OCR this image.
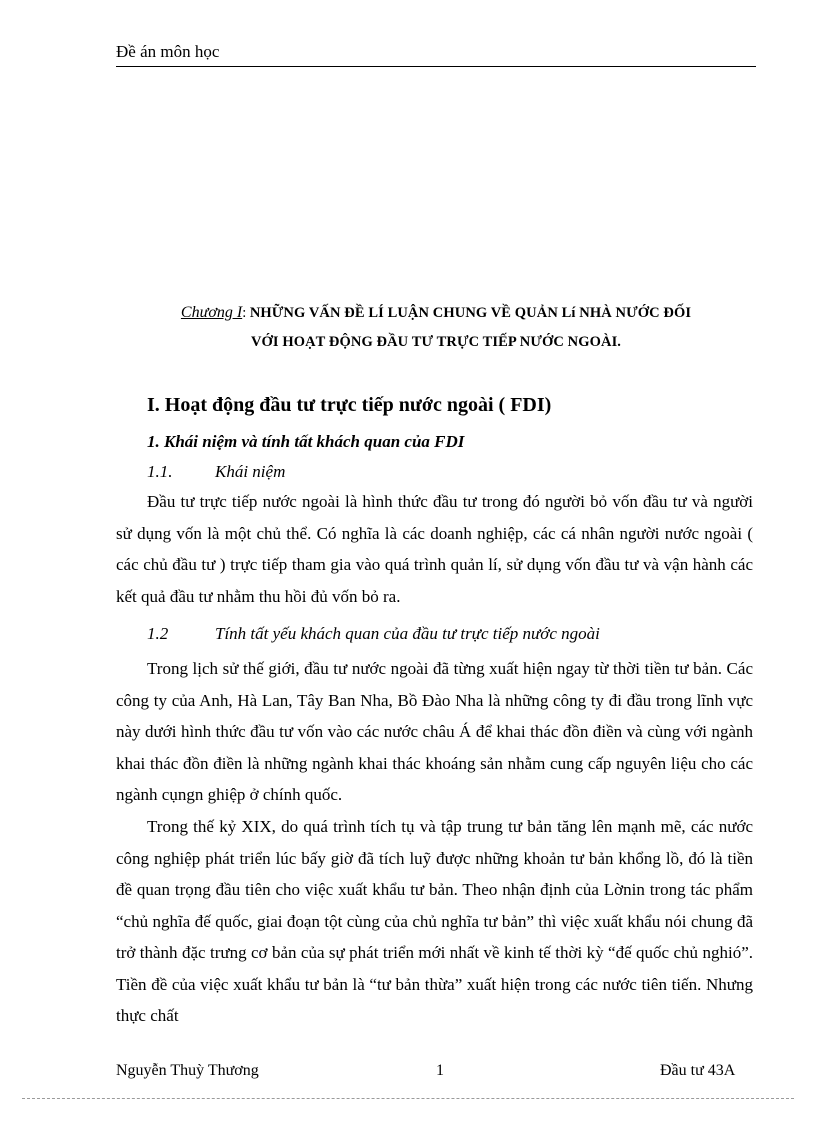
Đề án môn học
Chương I: NHỮNG VẤN ĐỀ LÍ LUẬN CHUNG VỀ QUẢN Lí NHÀ NƯỚC ĐỐI
VỚI HOẠT ĐỘNG ĐẦU TƯ TRỰC TIẾP NƯỚC NGOÀI.
I. Hoạt động đầu tư trực tiếp nước ngoài ( FDI)
1. Khái niệm và tính tất khách quan của FDI
1.1.	Khái niệm
Đầu tư trực tiếp nước ngoài là hình thức đầu tư trong đó người bỏ vốn đầu tư và người sử dụng vốn là một chủ thể. Có nghĩa là các doanh nghiệp, các cá nhân người nước ngoài ( các chủ đầu tư ) trực tiếp tham gia vào quá trình quản lí, sử dụng vốn đầu tư và vận hành các kết quả đầu tư nhằm thu hồi đủ vốn bỏ ra.
1.2	Tính tất yếu khách quan của đầu tư trực tiếp nước ngoài
Trong lịch sử thế giới, đầu tư nước ngoài đã từng xuất hiện ngay từ thời tiền tư bản. Các công ty của Anh, Hà Lan, Tây Ban Nha, Bồ Đào Nha là những công ty đi đầu trong lĩnh vực này dưới hình thức đầu tư vốn vào các nước châu Á để khai thác đồn điền và cùng với ngành khai thác đồn điền là những ngành khai thác khoáng sản nhằm cung cấp nguyên liệu cho các ngành cụngn ghiệp ở chính quốc.
Trong thế kỷ XIX, do quá trình tích tụ và tập trung tư bản tăng lên mạnh mẽ, các nước công nghiệp phát triển lúc bấy giờ đã tích luỹ được những khoản tư bản khổng lồ, đó là tiền đề quan trọng đầu tiên cho việc xuất khẩu tư bản. Theo nhận định của Lờnin trong tác phẩm “chủ nghĩa đế quốc, giai đoạn tột cùng của chủ nghĩa tư bản” thì việc xuất khẩu nói chung đã trở thành đặc trưng cơ bản của sự phát triển mới nhất về kinh tế thời kỳ “đế quốc chủ nghió”. Tiền đề của việc xuất khẩu tư bản là “tư bản thừa” xuất hiện trong các nước tiên tiến. Nhưng thực chất
Nguyễn Thuỳ Thương	1	Đầu tư 43A
